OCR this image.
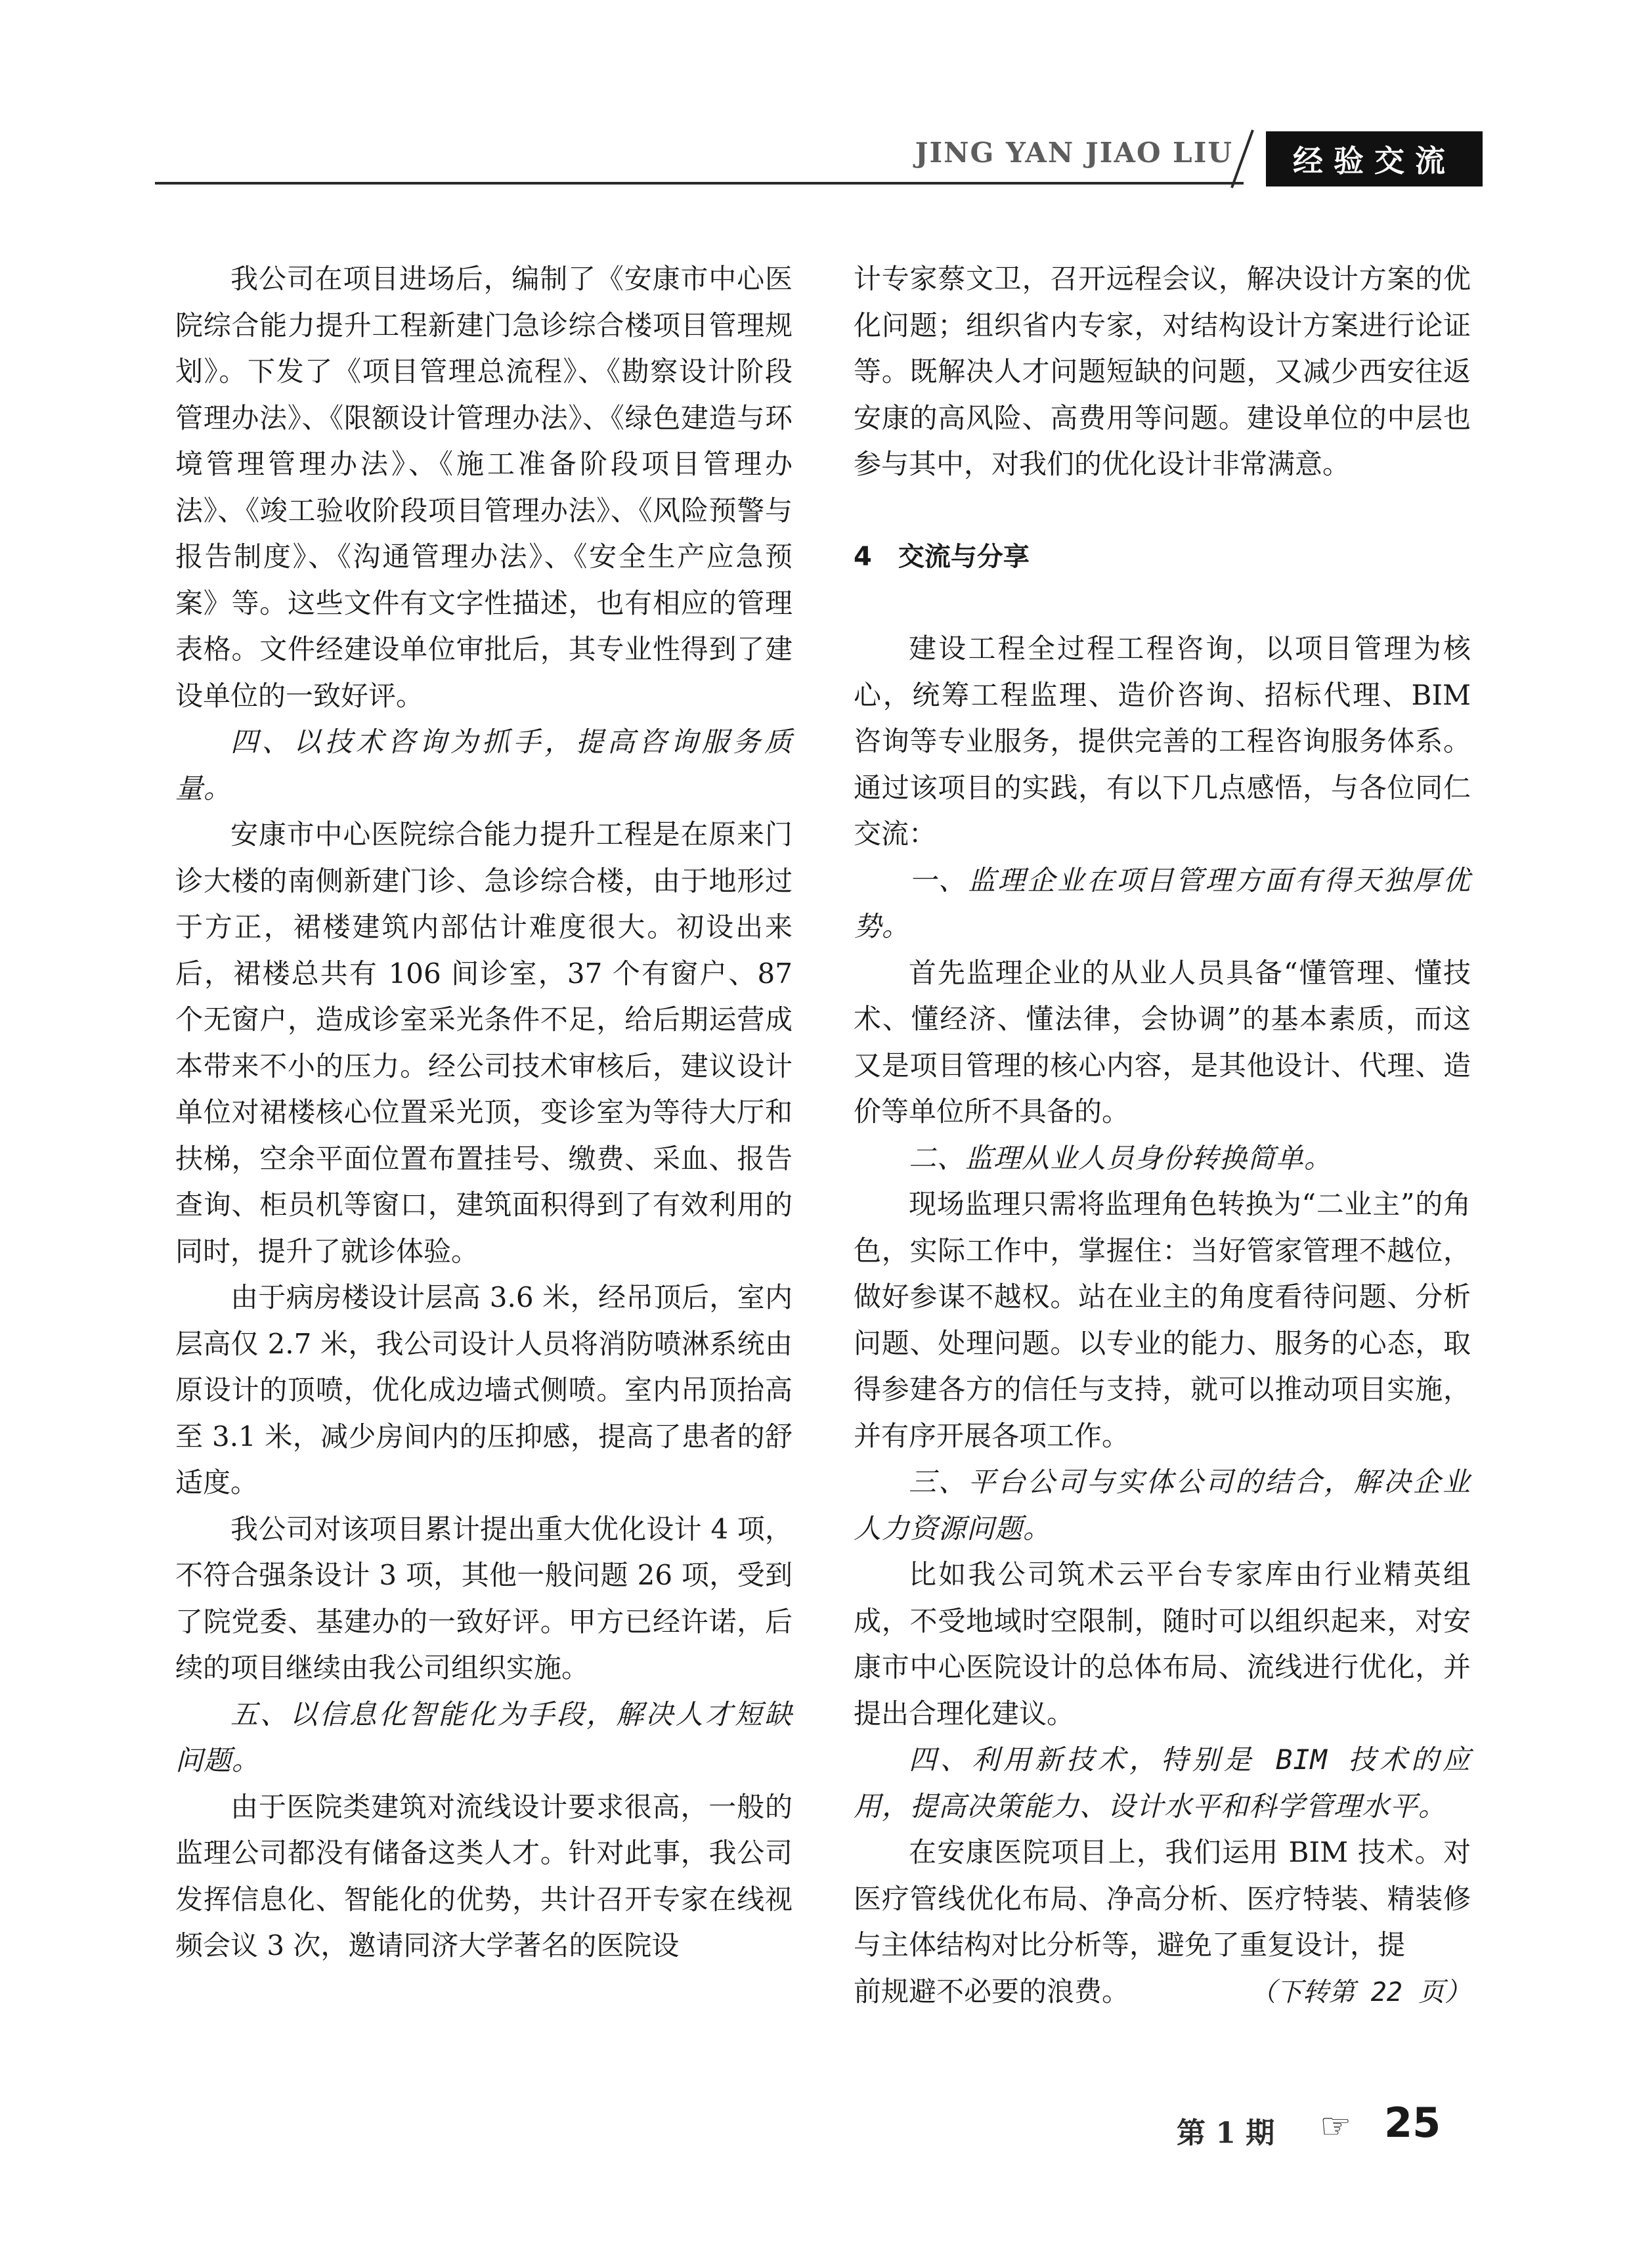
JING YAN JIAO LIU	经验交流

我公司在项目进场后，编制了《安康市中心医院综合能力提升工程新建门急诊综合楼项目管理规划》。下发了《项目管理总流程》、《勘察设计阶段管理办法》、《限额设计管理办法》、《绿色建造与环境管理管理办法》、《施工准备阶段项目管理办法》、《竣工验收阶段项目管理办法》、《风险预警与报告制度》、《沟通管理办法》、《安全生产应急预案》等。这些文件有文字性描述，也有相应的管理表格。文件经建设单位审批后，其专业性得到了建设单位的一致好评。

四、以技术咨询为抓手，提高咨询服务质量。

安康市中心医院综合能力提升工程是在原来门诊大楼的南侧新建门诊、急诊综合楼，由于地形过于方正，裙楼建筑内部估计难度很大。初设出来后，裙楼总共有 106 间诊室，37 个有窗户、87 个无窗户，造成诊室采光条件不足，给后期运营成本带来不小的压力。经公司技术审核后，建议设计单位对裙楼核心位置采光顶，变诊室为等待大厅和扶梯，空余平面位置布置挂号、缴费、采血、报告查询、柜员机等窗口，建筑面积得到了有效利用的同时，提升了就诊体验。

由于病房楼设计层高 3.6 米，经吊顶后，室内层高仅 2.7 米，我公司设计人员将消防喷淋系统由原设计的顶喷，优化成边墙式侧喷。室内吊顶抬高至 3.1 米，减少房间内的压抑感，提高了患者的舒适度。

我公司对该项目累计提出重大优化设计 4 项，不符合强条设计 3 项，其他一般问题 26 项，受到了院党委、基建办的一致好评。甲方已经许诺，后续的项目继续由我公司组织实施。

五、以信息化智能化为手段，解决人才短缺问题。

由于医院类建筑对流线设计要求很高，一般的监理公司都没有储备这类人才。针对此事，我公司发挥信息化、智能化的优势，共计召开专家在线视频会议 3 次，邀请同济大学著名的医院设

计专家蔡文卫，召开远程会议，解决设计方案的优化问题；组织省内专家，对结构设计方案进行论证等。既解决人才问题短缺的问题，又减少西安往返安康的高风险、高费用等问题。建设单位的中层也参与其中，对我们的优化设计非常满意。

4　交流与分享

建设工程全过程工程咨询，以项目管理为核心，统筹工程监理、造价咨询、招标代理、BIM 咨询等专业服务，提供完善的工程咨询服务体系。通过该项目的实践，有以下几点感悟，与各位同仁交流：

一、监理企业在项目管理方面有得天独厚优势。

首先监理企业的从业人员具备“懂管理、懂技术、懂经济、懂法律，会协调”的基本素质，而这又是项目管理的核心内容，是其他设计、代理、造价等单位所不具备的。

二、监理从业人员身份转换简单。

现场监理只需将监理角色转换为“二业主”的角色，实际工作中，掌握住：当好管家管理不越位，做好参谋不越权。站在业主的角度看待问题、分析问题、处理问题。以专业的能力、服务的心态，取得参建各方的信任与支持，就可以推动项目实施，并有序开展各项工作。

三、平台公司与实体公司的结合，解决企业人力资源问题。

比如我公司筑术云平台专家库由行业精英组成，不受地域时空限制，随时可以组织起来，对安康市中心医院设计的总体布局、流线进行优化，并提出合理化建议。

四、利用新技术，特别是 BIM 技术的应用，提高决策能力、设计水平和科学管理水平。

在安康医院项目上，我们运用 BIM 技术。对医疗管线优化布局、净高分析、医疗特装、精装修与主体结构对比分析等，避免了重复设计，提

前规避不必要的浪费。	（下转第 22 页）
第 1 期 ☞ 25
